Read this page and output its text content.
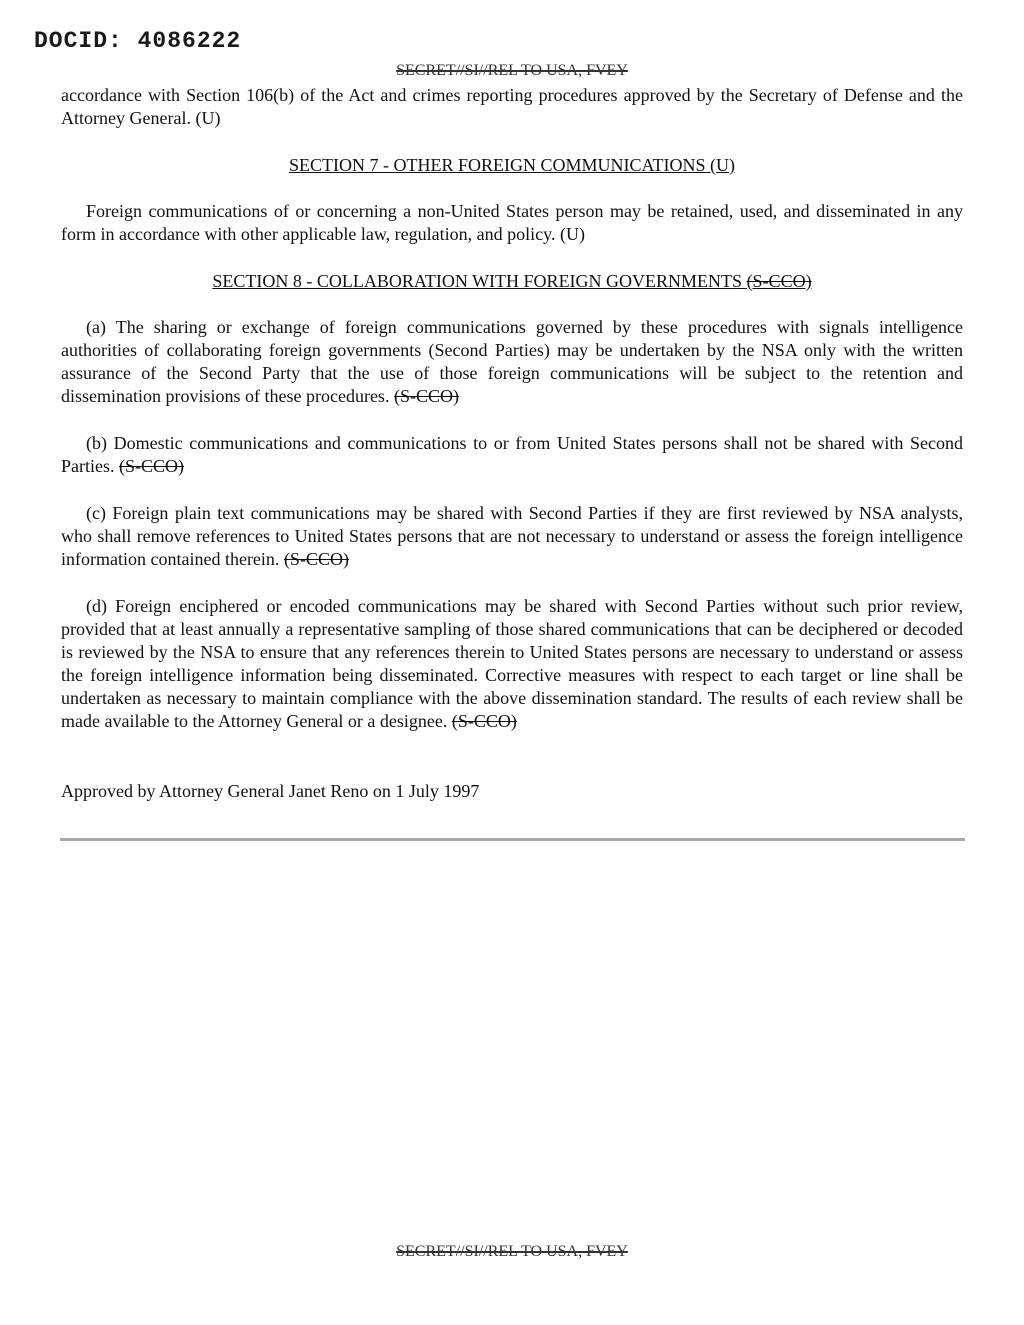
DOCID: 4086222
SECRET//SI//REL TO USA, FVEY

accordance with Section 106(b) of the Act and crimes reporting procedures approved by the Secretary of Defense and the Attorney General. (U)

SECTION 7 - OTHER FOREIGN COMMUNICATIONS (U)

Foreign communications of or concerning a non-United States person may be retained, used, and disseminated in any form in accordance with other applicable law, regulation, and policy. (U)

SECTION 8 - COLLABORATION WITH FOREIGN GOVERNMENTS (S-CCO)

(a) The sharing or exchange of foreign communications governed by these procedures with signals intelligence authorities of collaborating foreign governments (Second Parties) may be undertaken by the NSA only with the written assurance of the Second Party that the use of those foreign communications will be subject to the retention and dissemination provisions of these procedures. (S-CCO)

(b) Domestic communications and communications to or from United States persons shall not be shared with Second Parties. (S-CCO)

(c) Foreign plain text communications may be shared with Second Parties if they are first reviewed by NSA analysts, who shall remove references to United States persons that are not necessary to understand or assess the foreign intelligence information contained therein. (S-CCO)

(d) Foreign enciphered or encoded communications may be shared with Second Parties without such prior review, provided that at least annually a representative sampling of those shared communications that can be deciphered or decoded is reviewed by the NSA to ensure that any references therein to United States persons are necessary to understand or assess the foreign intelligence information being disseminated. Corrective measures with respect to each target or line shall be undertaken as necessary to maintain compliance with the above dissemination standard. The results of each review shall be made available to the Attorney General or a designee. (S-CCO)

Approved by Attorney General Janet Reno on 1 July 1997

SECRET//SI//REL TO USA, FVEY
